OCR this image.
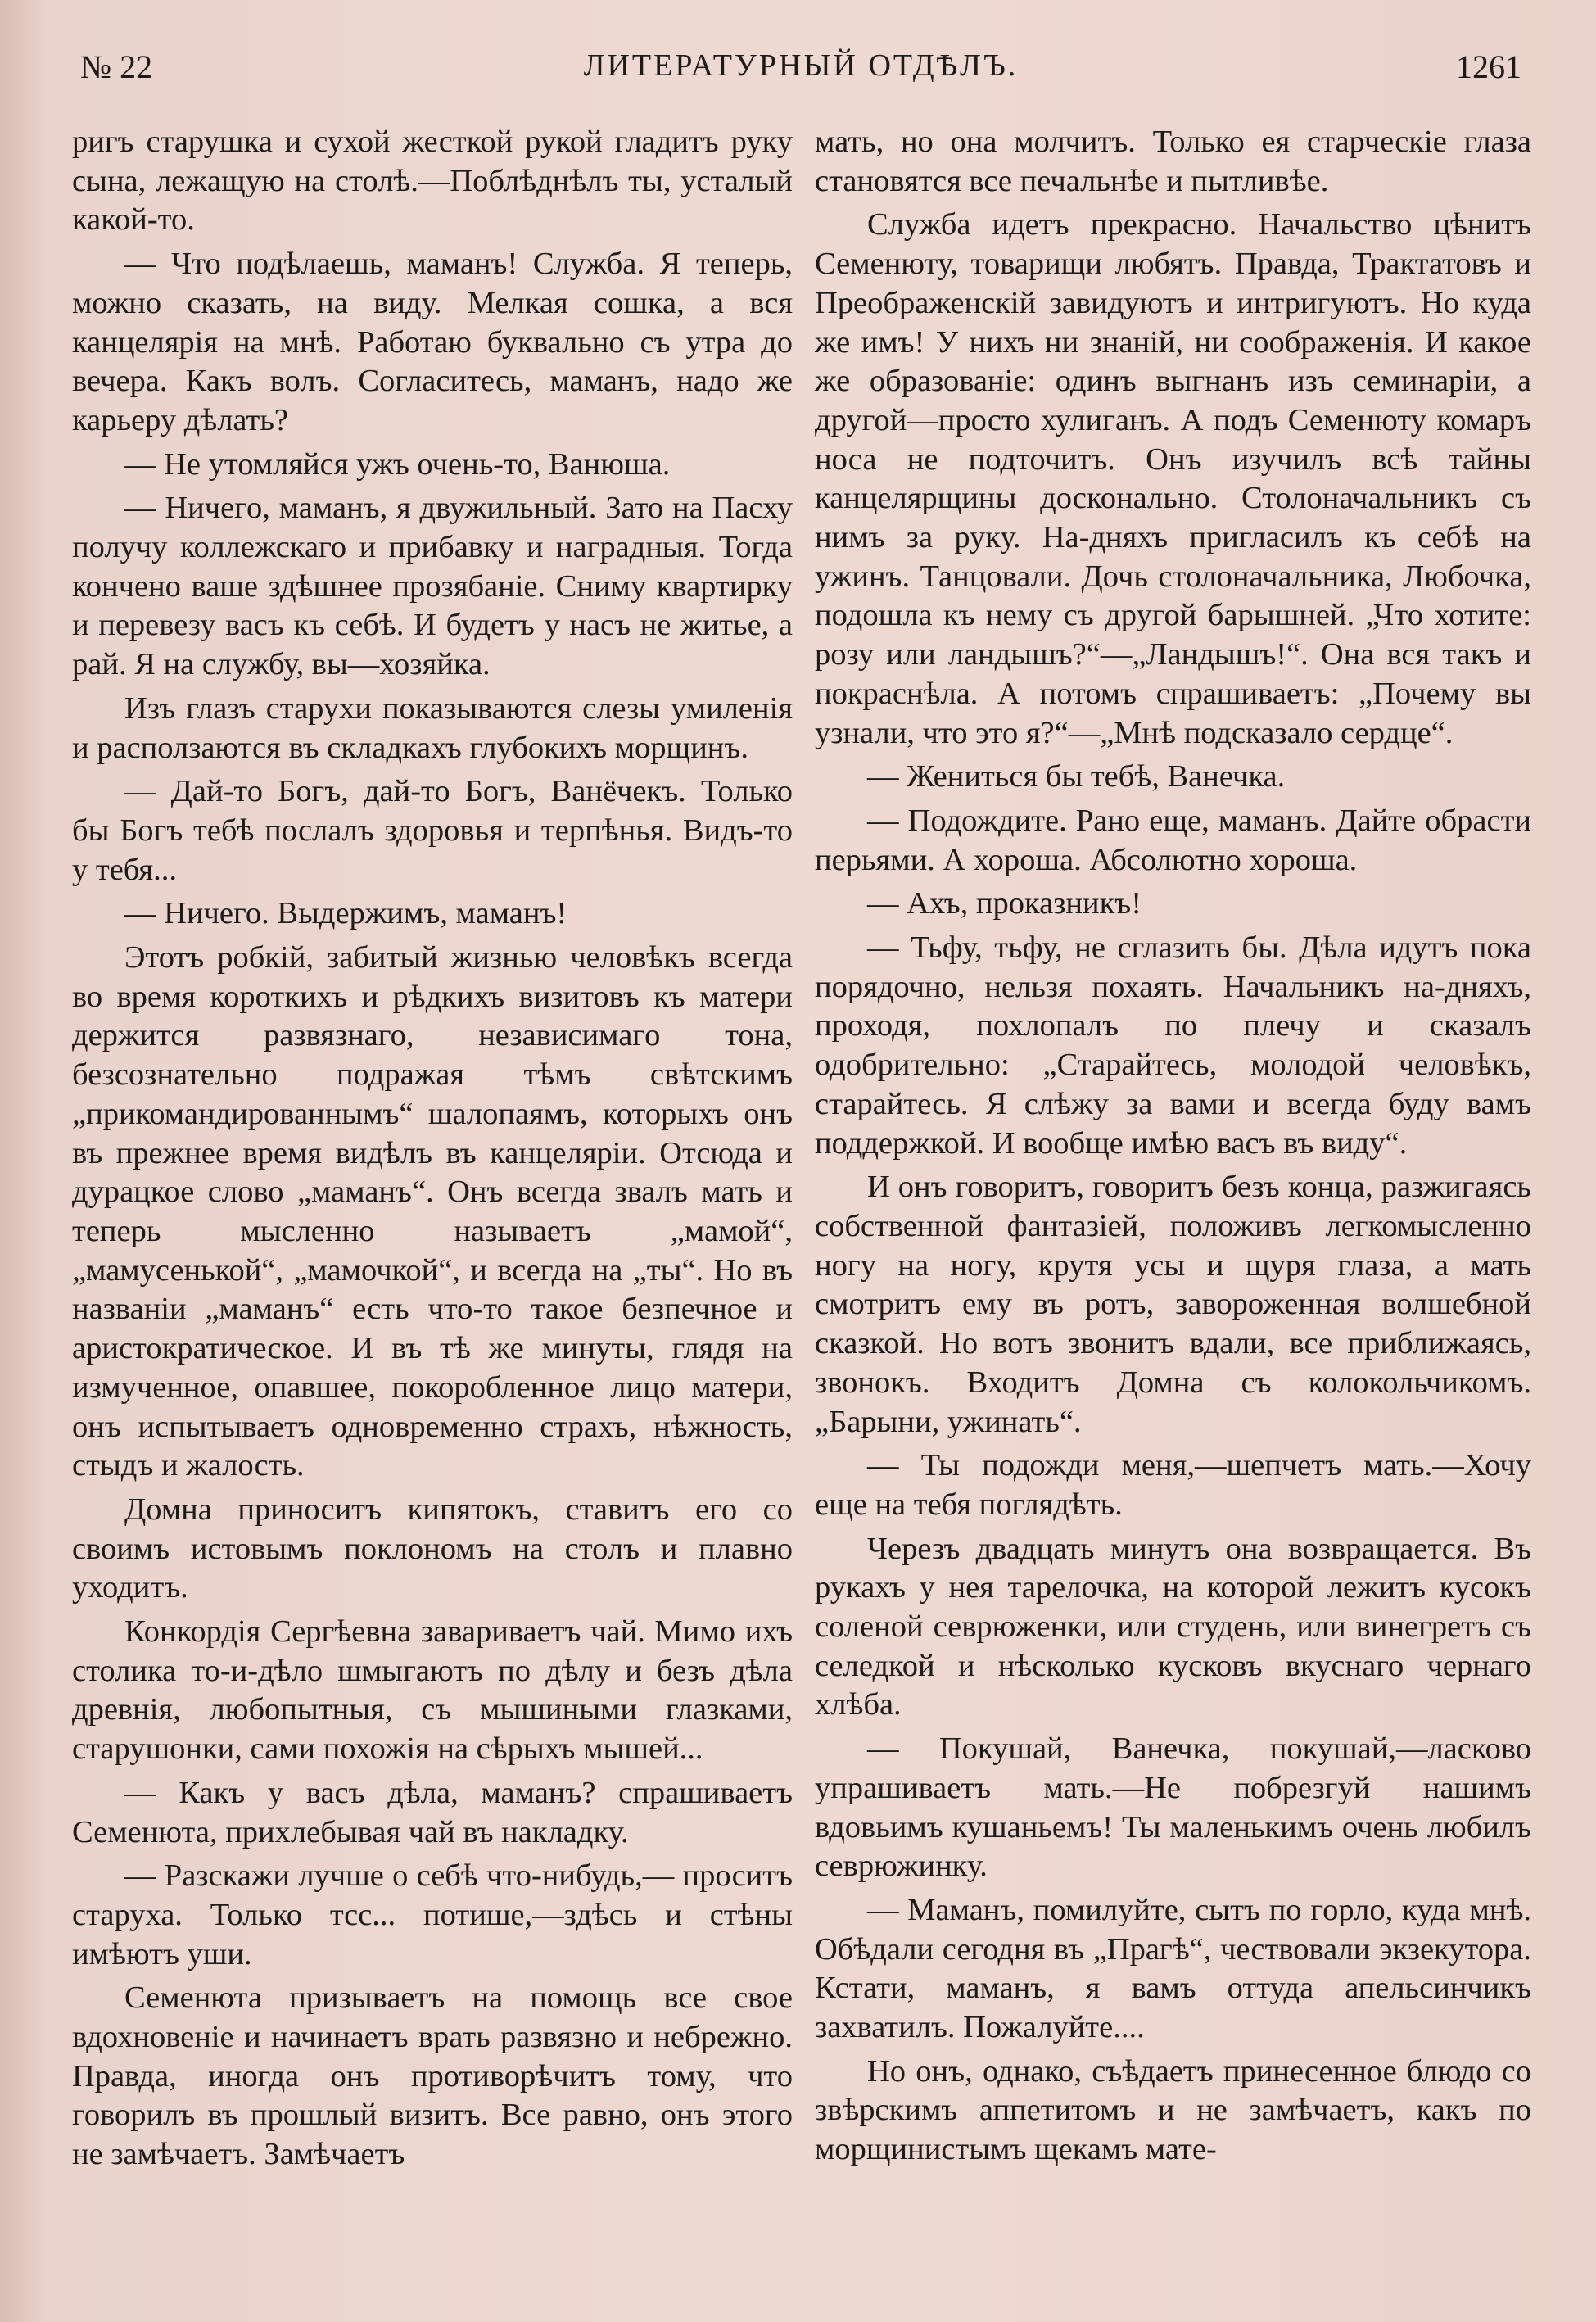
№ 22	ЛИТЕРАТУРНЫЙ ОТДѢЛЪ.	1261

ригъ старушка и сухой жесткой рукой гладитъ руку сына, лежащую на столѣ.—Поблѣднѣлъ ты, усталый какой-то.

— Что подѣлаешь, маманъ! Служба. Я теперь, можно сказать, на виду. Мелкая сошка, а вся канцелярія на мнѣ. Работаю буквально съ утра до вечера. Какъ волъ. Согласитесь, маманъ, надо же карьеру дѣлать?

— Не утомляйся ужъ очень-то, Ванюша.

— Ничего, маманъ, я двужильный. Зато на Пасху получу коллежскаго и прибавку и наградныя. Тогда кончено ваше здѣшнее прозябаніе. Сниму квартирку и перевезу васъ къ себѣ. И будетъ у насъ не житье, а рай. Я на службу, вы—хозяйка.

Изъ глазъ старухи показываются слезы умиленія и расползаются въ складкахъ глубокихъ морщинъ.

— Дай-то Богъ, дай-то Богъ, Ванёчекъ. Только бы Богъ тебѣ послалъ здоровья и терпѣнья. Видъ-то у тебя...

— Ничего. Выдержимъ, маманъ!

Этотъ робкій, забитый жизнью человѣкъ всегда во время короткихъ и рѣдкихъ визитовъ къ матери держится развязнаго, независимаго тона, безсознательно подражая тѣмъ свѣтскимъ „прикомандированнымъ“ шалопаямъ, которыхъ онъ въ прежнее время видѣлъ въ канцеляріи. Отсюда и дурацкое слово „маманъ“. Онъ всегда звалъ мать и теперь мысленно называетъ „мамой“, „мамусенькой“, „мамочкой“, и всегда на „ты“. Но въ названіи „маманъ“ есть что-то такое безпечное и аристократическое. И въ тѣ же минуты, глядя на измученное, опавшее, покоробленное лицо матери, онъ испытываетъ одновременно страхъ, нѣжность, стыдъ и жалость.

Домна приноситъ кипятокъ, ставитъ его со своимъ истовымъ поклономъ на столъ и плавно уходитъ.

Конкордія Сергѣевна завариваетъ чай. Мимо ихъ столика то-и-дѣло шмыгаютъ по дѣлу и безъ дѣла древнія, любопытныя, съ мышиными глазками, старушонки, сами похожія на сѣрыхъ мышей...

— Какъ у васъ дѣла, маманъ? спрашиваетъ Семенюта, прихлебывая чай въ накладку.

— Разскажи лучше о себѣ что-нибудь,— проситъ старуха. Только тсс... потише,—здѣсь и стѣны имѣютъ уши.

Семенюта призываетъ на помощь все свое вдохновеніе и начинаетъ врать развязно и небрежно. Правда, иногда онъ противорѣчитъ тому, что говорилъ въ прошлый визитъ. Все равно, онъ этого не замѣчаетъ. Замѣчаетъ

мать, но она молчитъ. Только ея старческіе глаза становятся все печальнѣе и пытливѣе.

Служба идетъ прекрасно. Начальство цѣнитъ Семенюту, товарищи любятъ. Правда, Трактатовъ и Преображенскій завидуютъ и интригуютъ. Но куда же имъ! У нихъ ни знаній, ни соображенія. И какое же образованіе: одинъ выгнанъ изъ семинаріи, а другой—просто хулиганъ. А подъ Семенюту комаръ носа не подточитъ. Онъ изучилъ всѣ тайны канцелярщины досконально. Столоначальникъ съ нимъ за руку. На-дняхъ пригласилъ къ себѣ на ужинъ. Танцовали. Дочь столоначальника, Любочка, подошла къ нему съ другой барышней. „Что хотите: розу или ландышъ?“—„Ландышъ!“. Она вся такъ и покраснѣла. А потомъ спрашиваетъ: „Почему вы узнали, что это я?“—„Мнѣ подсказало сердце“.

— Жениться бы тебѣ, Ванечка.

— Подождите. Рано еще, маманъ. Дайте обрасти перьями. А хороша. Абсолютно хороша.

— Ахъ, проказникъ!

— Тьфу, тьфу, не сглазить бы. Дѣла идутъ пока порядочно, нельзя похаять. Начальникъ на-дняхъ, проходя, похлопалъ по плечу и сказалъ одобрительно: „Старайтесь, молодой человѣкъ, старайтесь. Я слѣжу за вами и всегда буду вамъ поддержкой. И вообще имѣю васъ въ виду“.

И онъ говоритъ, говоритъ безъ конца, разжигаясь собственной фантазіей, положивъ легкомысленно ногу на ногу, крутя усы и щуря глаза, а мать смотритъ ему въ ротъ, завороженная волшебной сказкой. Но вотъ звонитъ вдали, все приближаясь, звонокъ. Входитъ Домна съ колокольчикомъ. „Барыни, ужинать“.

— Ты подожди меня,—шепчетъ мать.—Хочу еще на тебя поглядѣть.

Черезъ двадцать минутъ она возвращается. Въ рукахъ у нея тарелочка, на которой лежитъ кусокъ соленой севрюженки, или студень, или винегретъ съ селедкой и нѣсколько кусковъ вкуснаго чернаго хлѣба.

— Покушай, Ванечка, покушай,—ласково упрашиваетъ мать.—Не побрезгуй нашимъ вдовьимъ кушаньемъ! Ты маленькимъ очень любилъ севрюжинку.

— Маманъ, помилуйте, сытъ по горло, куда мнѣ. Обѣдали сегодня въ „Прагѣ“, чествовали экзекутора. Кстати, маманъ, я вамъ оттуда апельсинчикъ захватилъ. Пожалуйте....

Но онъ, однако, съѣдаетъ принесенное блюдо со звѣрскимъ аппетитомъ и не замѣчаетъ, какъ по морщинистымъ щекамъ мате-
